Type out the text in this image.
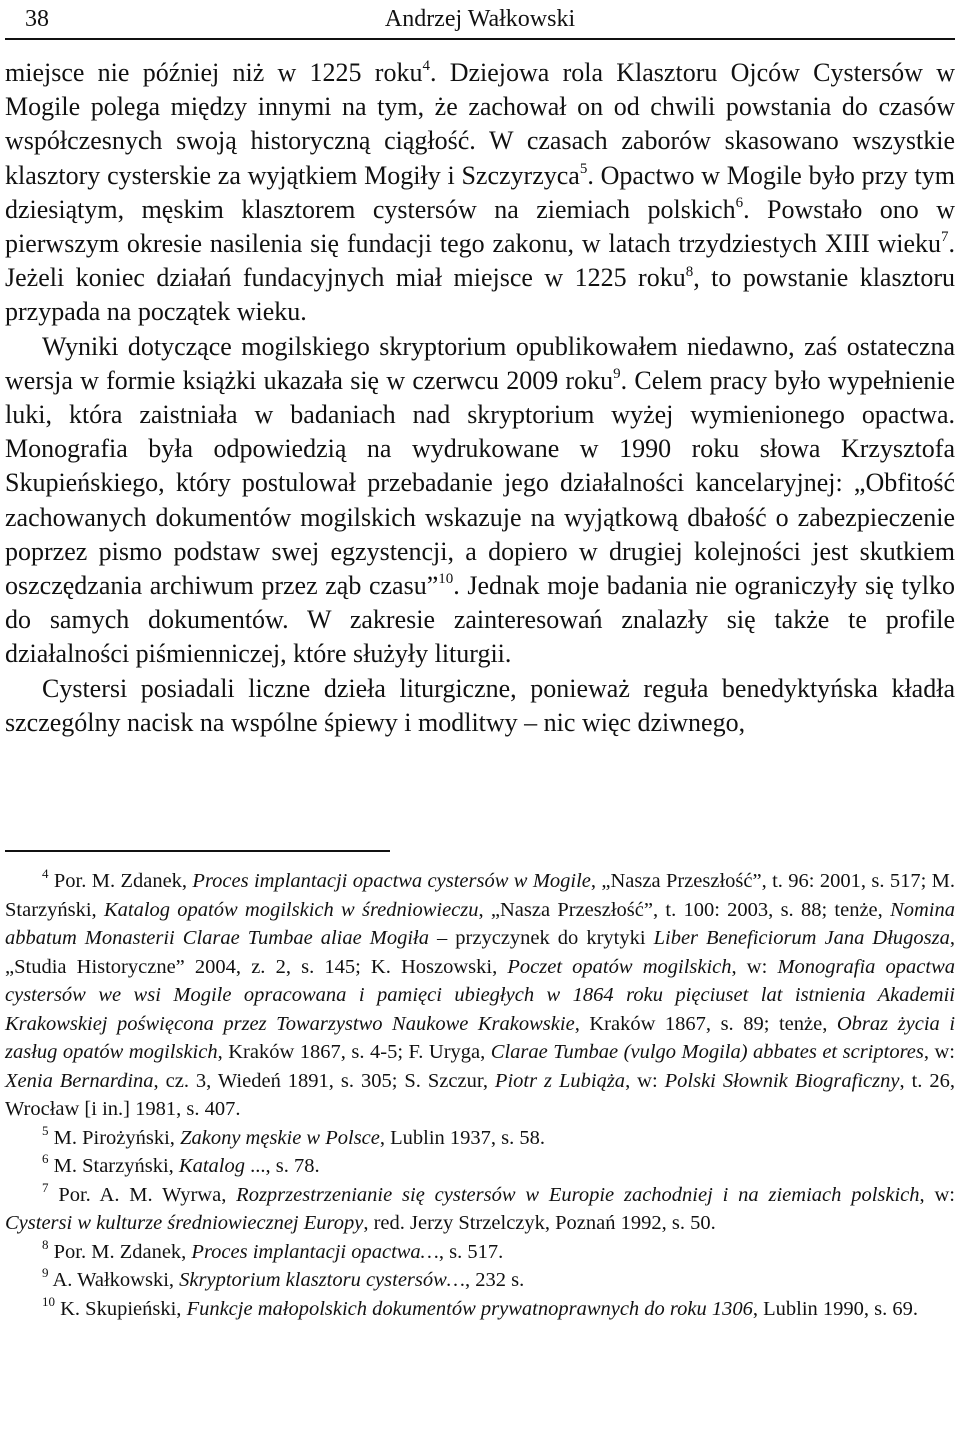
38	Andrzej Wałkowski

miejsce nie później niż w 1225 roku$^4$. Dziejowa rola Klasztoru Ojców Cystersów w Mogile polega między innymi na tym, że zachował on od chwili powstania do czasów współczesnych swoją historyczną ciągłość. W czasach zaborów skasowano wszystkie klasztory cysterskie za wyjątkiem Mogiły i Szczyrzyca$^5$. Opactwo w Mogile było przy tym dziesiątym, męskim klasztorem cystersów na ziemiach polskich$^6$. Powstało ono w pierwszym okresie nasilenia się fundacji tego zakonu, w latach trzydziestych XIII wieku$^7$. Jeżeli koniec działań fundacyjnych miał miejsce w 1225 roku$^8$, to powstanie klasztoru przypada na początek wieku.

Wyniki dotyczące mogilskiego skryptorium opublikowałem niedawno, zaś ostateczna wersja w formie książki ukazała się w czerwcu 2009 roku$^9$. Celem pracy było wypełnienie luki, która zaistniała w badaniach nad skryptorium wyżej wymienionego opactwa. Monografia była odpowiedzią na wydrukowane w 1990 roku słowa Krzysztofa Skupieńskiego, który postulował przebadanie jego działalności kancelaryjnej: „Obfitość zachowanych dokumentów mogilskich wskazuje na wyjątkową dbałość o zabezpieczenie poprzez pismo podstaw swej egzystencji, a dopiero w drugiej kolejności jest skutkiem oszczędzania archiwum przez ząb czasu”$^{10}$. Jednak moje badania nie ograniczyły się tylko do samych dokumentów. W zakresie zainteresowań znalazły się także te profile działalności piśmienniczej, które służyły liturgii.

Cystersi posiadali liczne dzieła liturgiczne, ponieważ reguła benedyktyńska kładła szczególny nacisk na wspólne śpiewy i modlitwy – nic więc dziwnego,

$^4$ Por. M. Zdanek, Proces implantacji opactwa cystersów w Mogile, „Nasza Przeszłość”, t. 96: 2001, s. 517; M. Starzyński, Katalog opatów mogilskich w średniowieczu, „Nasza Przeszłość”, t. 100: 2003, s. 88; tenże, Nomina abbatum Monasterii Clarae Tumbae aliae Mogiła – przyczynek do krytyki Liber Beneficiorum Jana Długosza, „Studia Historyczne” 2004, z. 2, s. 145; K. Hoszowski, Poczet opatów mogilskich, w: Monografia opactwa cystersów we wsi Mogile opracowana i pamięci ubiegłych w 1864 roku pięciuset lat istnienia Akademii Krakowskiej poświęcona przez Towarzystwo Naukowe Krakowskie, Kraków 1867, s. 89; tenże, Obraz życia i zasług opatów mogilskich, Kraków 1867, s. 4-5; F. Uryga, Clarae Tumbae (vulgo Mogila) abbates et scriptores, w: Xenia Bernardina, cz. 3, Wiedeń 1891, s. 305; S. Szczur, Piotr z Lubiąża, w: Polski Słownik Biograficzny, t. 26, Wrocław [i in.] 1981, s. 407.

$^5$ M. Pirożyński, Zakony męskie w Polsce, Lublin 1937, s. 58.

$^6$ M. Starzyński, Katalog ..., s. 78.

$^7$ Por. A. M. Wyrwa, Rozprzestrzenianie się cystersów w Europie zachodniej i na ziemiach polskich, w: Cystersi w kulturze średniowiecznej Europy, red. Jerzy Strzelczyk, Poznań 1992, s. 50.

$^8$ Por. M. Zdanek, Proces implantacji opactwa…, s. 517.

$^9$ A. Wałkowski, Skryptorium klasztoru cystersów…, 232 s.

$^{10}$ K. Skupieński, Funkcje małopolskich dokumentów prywatnoprawnych do roku 1306, Lublin 1990, s. 69.
